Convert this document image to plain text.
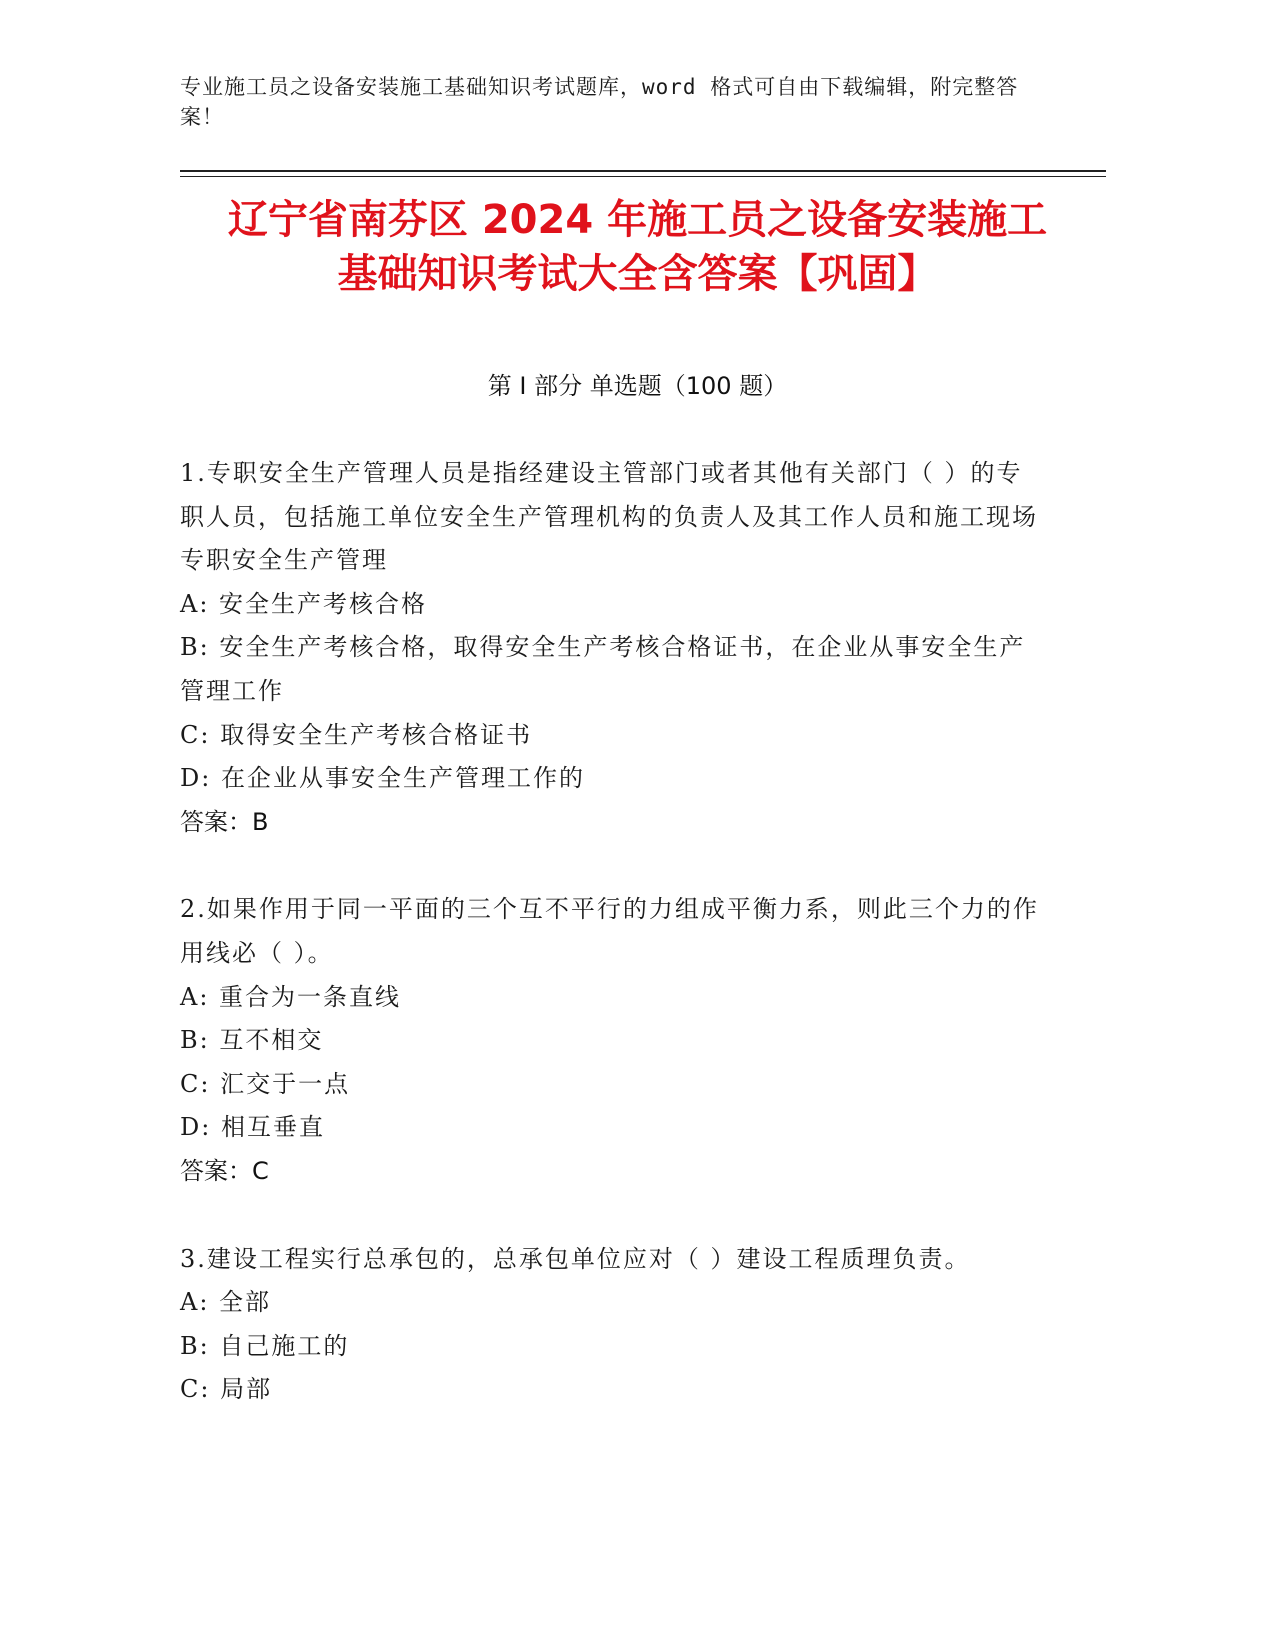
专业施工员之设备安装施工基础知识考试题库，word 格式可自由下载编辑，附完整答案！
辽宁省南芬区 2024 年施工员之设备安装施工
基础知识考试大全含答案【巩固】
第 I 部分 单选题（100 题）

1.专职安全生产管理人员是指经建设主管部门或者其他有关部门（ ）的专职人员，包括施工单位安全生产管理机构的负责人及其工作人员和施工现场专职安全生产管理

A: 安全生产考核合格

B: 安全生产考核合格，取得安全生产考核合格证书，在企业从事安全生产管理工作

C: 取得安全生产考核合格证书

D: 在企业从事安全生产管理工作的

答案：B

2.如果作用于同一平面的三个互不平行的力组成平衡力系，则此三个力的作用线必（ ）。

A: 重合为一条直线

B: 互不相交

C: 汇交于一点

D: 相互垂直

答案：C

3.建设工程实行总承包的，总承包单位应对（ ）建设工程质理负责。

A: 全部

B: 自己施工的

C: 局部
